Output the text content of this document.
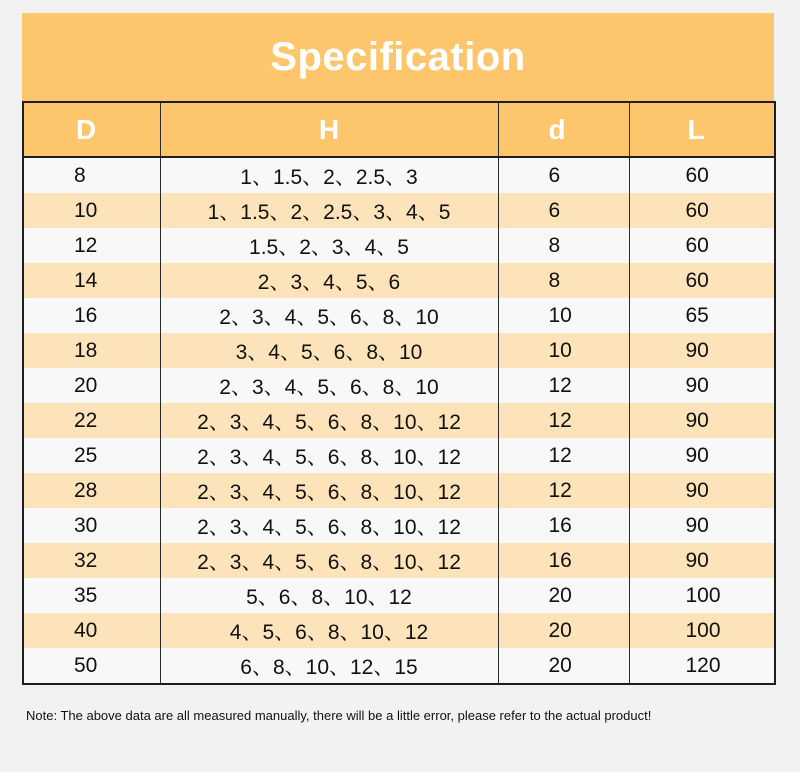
Specification
D	H	d	L
8	1、1.5、2、2.5、3	6	60
10	1、1.5、2、2.5、3、4、5	6	60
12	1.5、2、3、4、5	8	60
14	2、3、4、5、6	8	60
16	2、3、4、5、6、8、10	10	65
18	3、4、5、6、8、10	10	90
20	2、3、4、5、6、8、10	12	90
22	2、3、4、5、6、8、10、12	12	90
25	2、3、4、5、6、8、10、12	12	90
28	2、3、4、5、6、8、10、12	12	90
30	2、3、4、5、6、8、10、12	16	90
32	2、3、4、5、6、8、10、12	16	90
35	5、6、8、10、12	20	100
40	4、5、6、8、10、12	20	100
50	6、8、10、12、15	20	120
Note: The above data are all measured manually, there will be a little error, please refer to the actual product!
